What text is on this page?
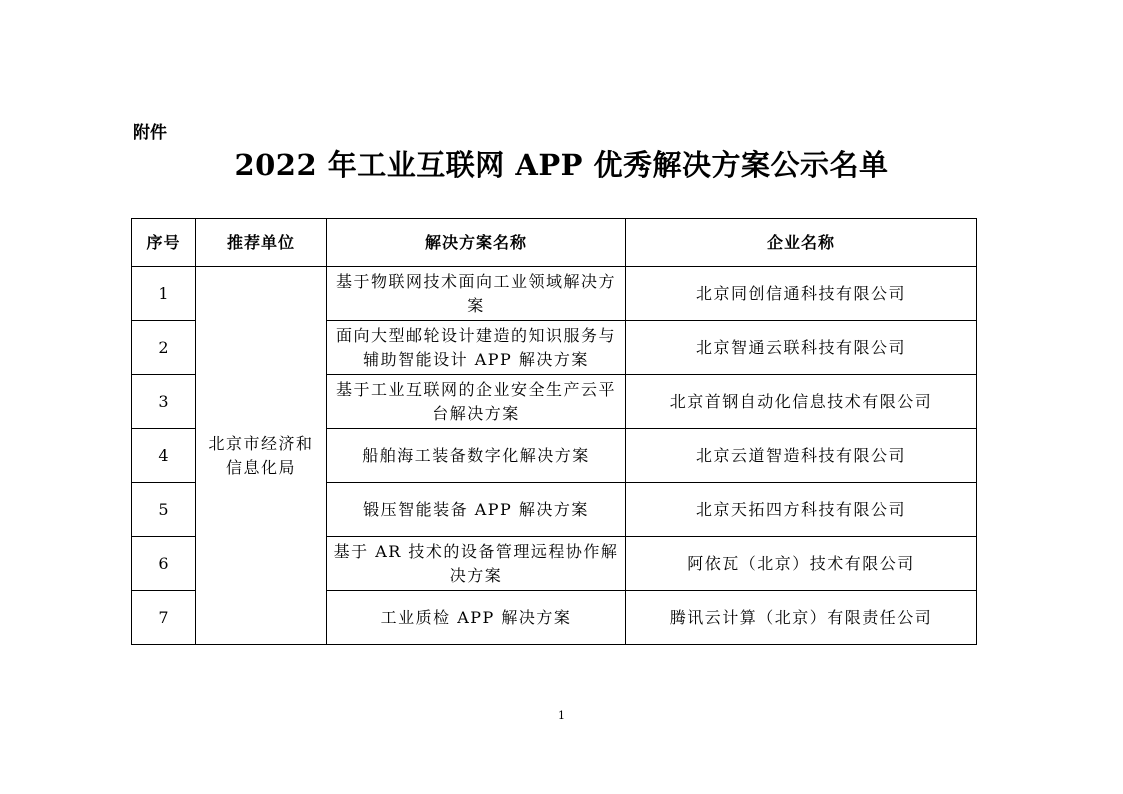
附件
2022 年工业互联网 APP 优秀解决方案公示名单
序号	推荐单位	解决方案名称	企业名称
1	北京市经济和信息化局	基于物联网技术面向工业领域解决方案	北京同创信通科技有限公司
2		面向大型邮轮设计建造的知识服务与辅助智能设计 APP 解决方案	北京智通云联科技有限公司
3		基于工业互联网的企业安全生产云平台解决方案	北京首钢自动化信息技术有限公司
4		船舶海工装备数字化解决方案	北京云道智造科技有限公司
5		锻压智能装备 APP 解决方案	北京天拓四方科技有限公司
6		基于 AR 技术的设备管理远程协作解决方案	阿依瓦（北京）技术有限公司
7		工业质检 APP 解决方案	腾讯云计算（北京）有限责任公司
1
